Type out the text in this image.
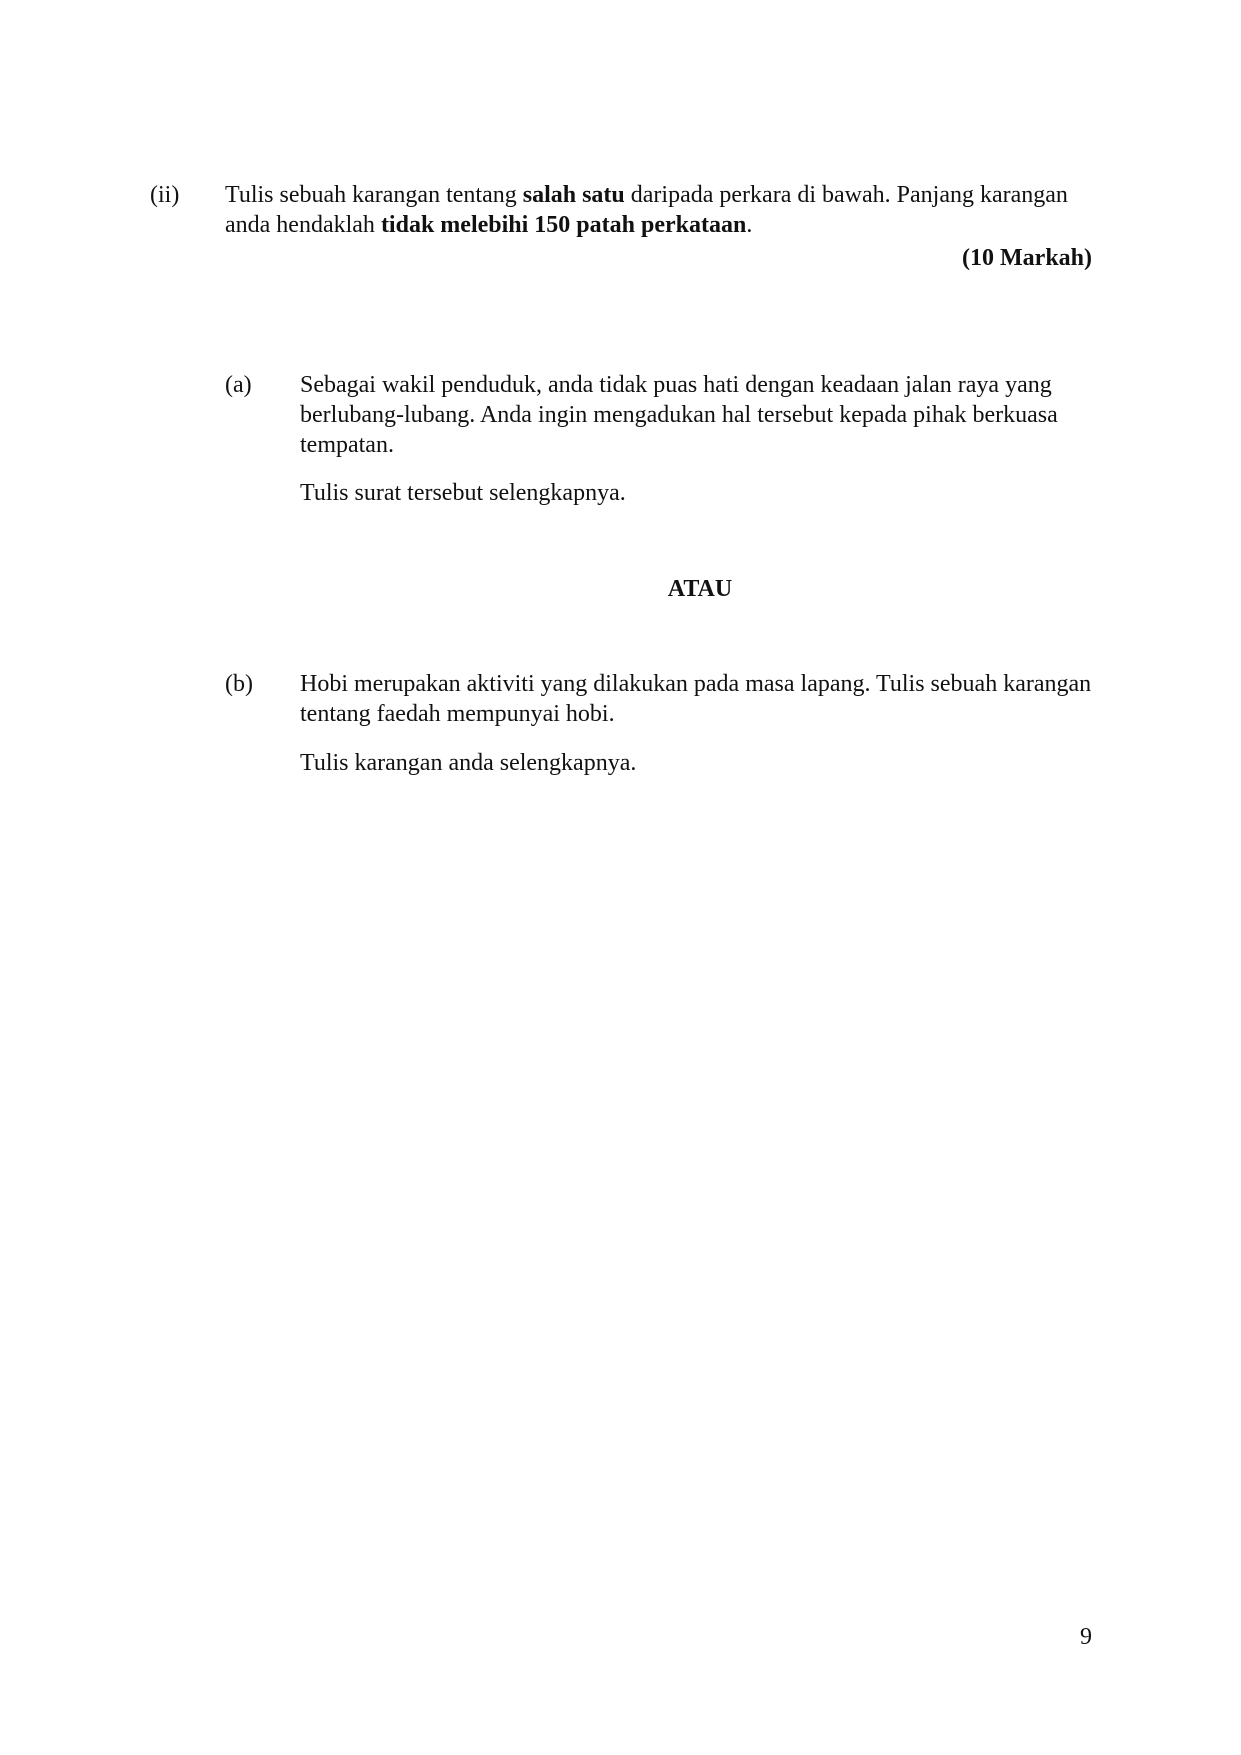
(ii) Tulis sebuah karangan tentang salah satu daripada perkara di bawah. Panjang karangan anda hendaklah tidak melebihi 150 patah perkataan.

(10 Markah)
(a) Sebagai wakil penduduk, anda tidak puas hati dengan keadaan jalan raya yang berlubang-lubang. Anda ingin mengadukan hal tersebut kepada pihak berkuasa tempatan.

Tulis surat tersebut selengkapnya.

ATAU
(b) Hobi merupakan aktiviti yang dilakukan pada masa lapang. Tulis sebuah karangan tentang faedah mempunyai hobi.

Tulis karangan anda selengkapnya.

9
